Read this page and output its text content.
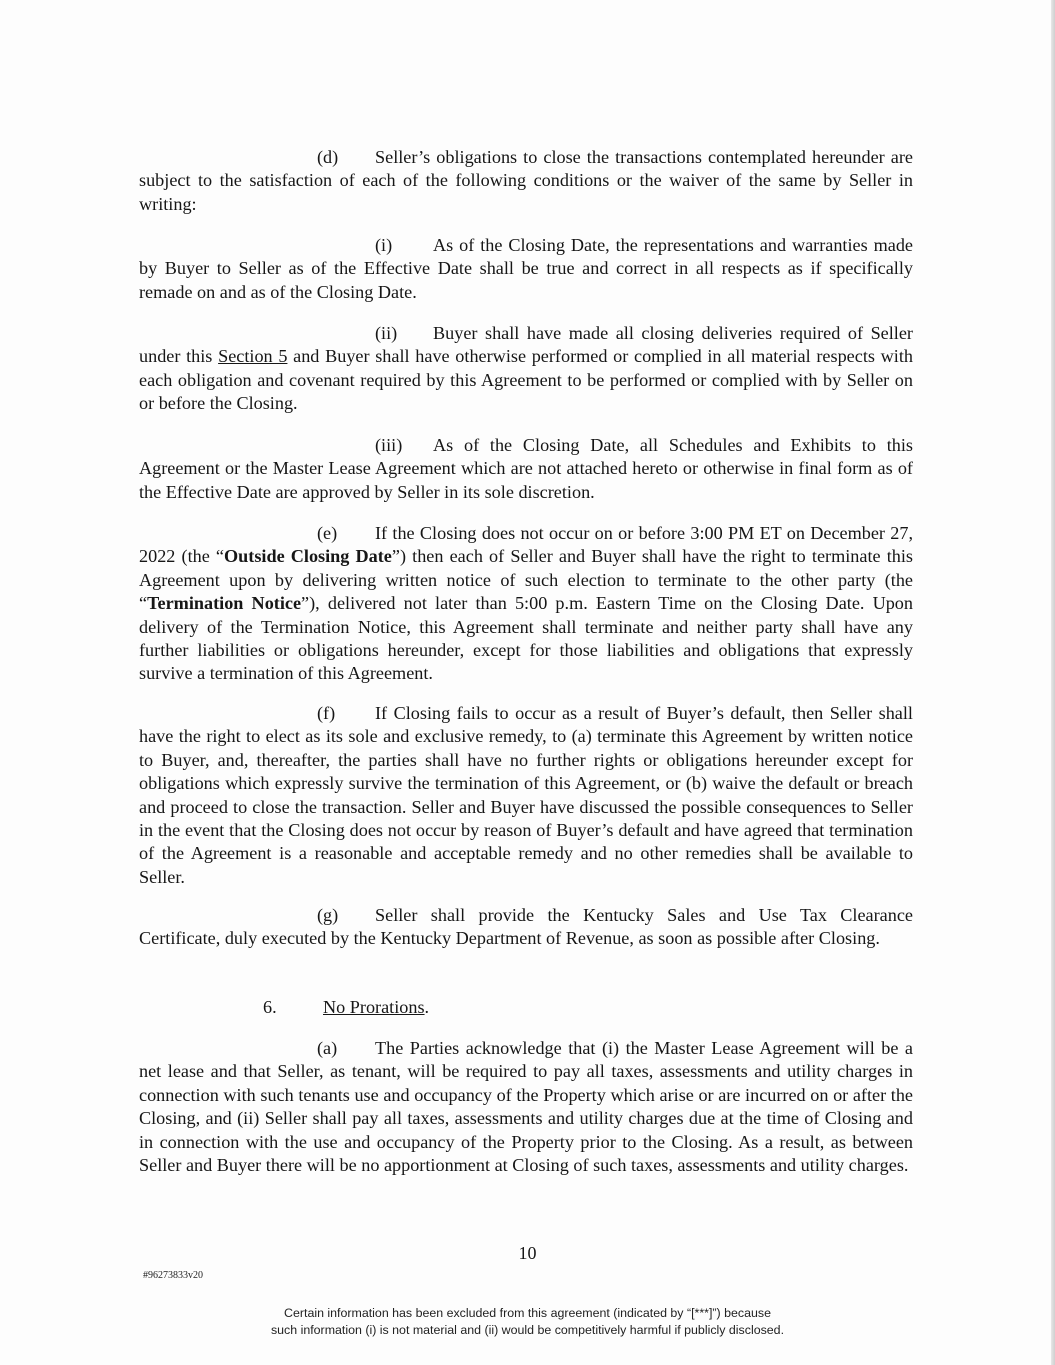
(d) Seller’s obligations to close the transactions contemplated hereunder are subject to the satisfaction of each of the following conditions or the waiver of the same by Seller in writing:

(i) As of the Closing Date, the representations and warranties made by Buyer to Seller as of the Effective Date shall be true and correct in all respects as if specifically remade on and as of the Closing Date.

(ii) Buyer shall have made all closing deliveries required of Seller under this Section 5 and Buyer shall have otherwise performed or complied in all material respects with each obligation and covenant required by this Agreement to be performed or complied with by Seller on or before the Closing.

(iii) As of the Closing Date, all Schedules and Exhibits to this Agreement or the Master Lease Agreement which are not attached hereto or otherwise in final form as of the Effective Date are approved by Seller in its sole discretion.

(e) If the Closing does not occur on or before 3:00 PM ET on December 27, 2022 (the “Outside Closing Date”) then each of Seller and Buyer shall have the right to terminate this Agreement upon by delivering written notice of such election to terminate to the other party (the “Termination Notice”), delivered not later than 5:00 p.m. Eastern Time on the Closing Date. Upon delivery of the Termination Notice, this Agreement shall terminate and neither party shall have any further liabilities or obligations hereunder, except for those liabilities and obligations that expressly survive a termination of this Agreement.

(f) If Closing fails to occur as a result of Buyer’s default, then Seller shall have the right to elect as its sole and exclusive remedy, to (a) terminate this Agreement by written notice to Buyer, and, thereafter, the parties shall have no further rights or obligations hereunder except for obligations which expressly survive the termination of this Agreement, or (b) waive the default or breach and proceed to close the transaction. Seller and Buyer have discussed the possible consequences to Seller in the event that the Closing does not occur by reason of Buyer’s default and have agreed that termination of the Agreement is a reasonable and acceptable remedy and no other remedies shall be available to Seller.

(g) Seller shall provide the Kentucky Sales and Use Tax Clearance Certificate, duly executed by the Kentucky Department of Revenue, as soon as possible after Closing.

6.	No Prorations.

(a) The Parties acknowledge that (i) the Master Lease Agreement will be a net lease and that Seller, as tenant, will be required to pay all taxes, assessments and utility charges in connection with such tenants use and occupancy of the Property which arise or are incurred on or after the Closing, and (ii) Seller shall pay all taxes, assessments and utility charges due at the time of Closing and in connection with the use and occupancy of the Property prior to the Closing. As a result, as between Seller and Buyer there will be no apportionment at Closing of such taxes, assessments and utility charges.

10
#96273833v20
Certain information has been excluded from this agreement (indicated by “[***]”) because
such information (i) is not material and (ii) would be competitively harmful if publicly disclosed.
